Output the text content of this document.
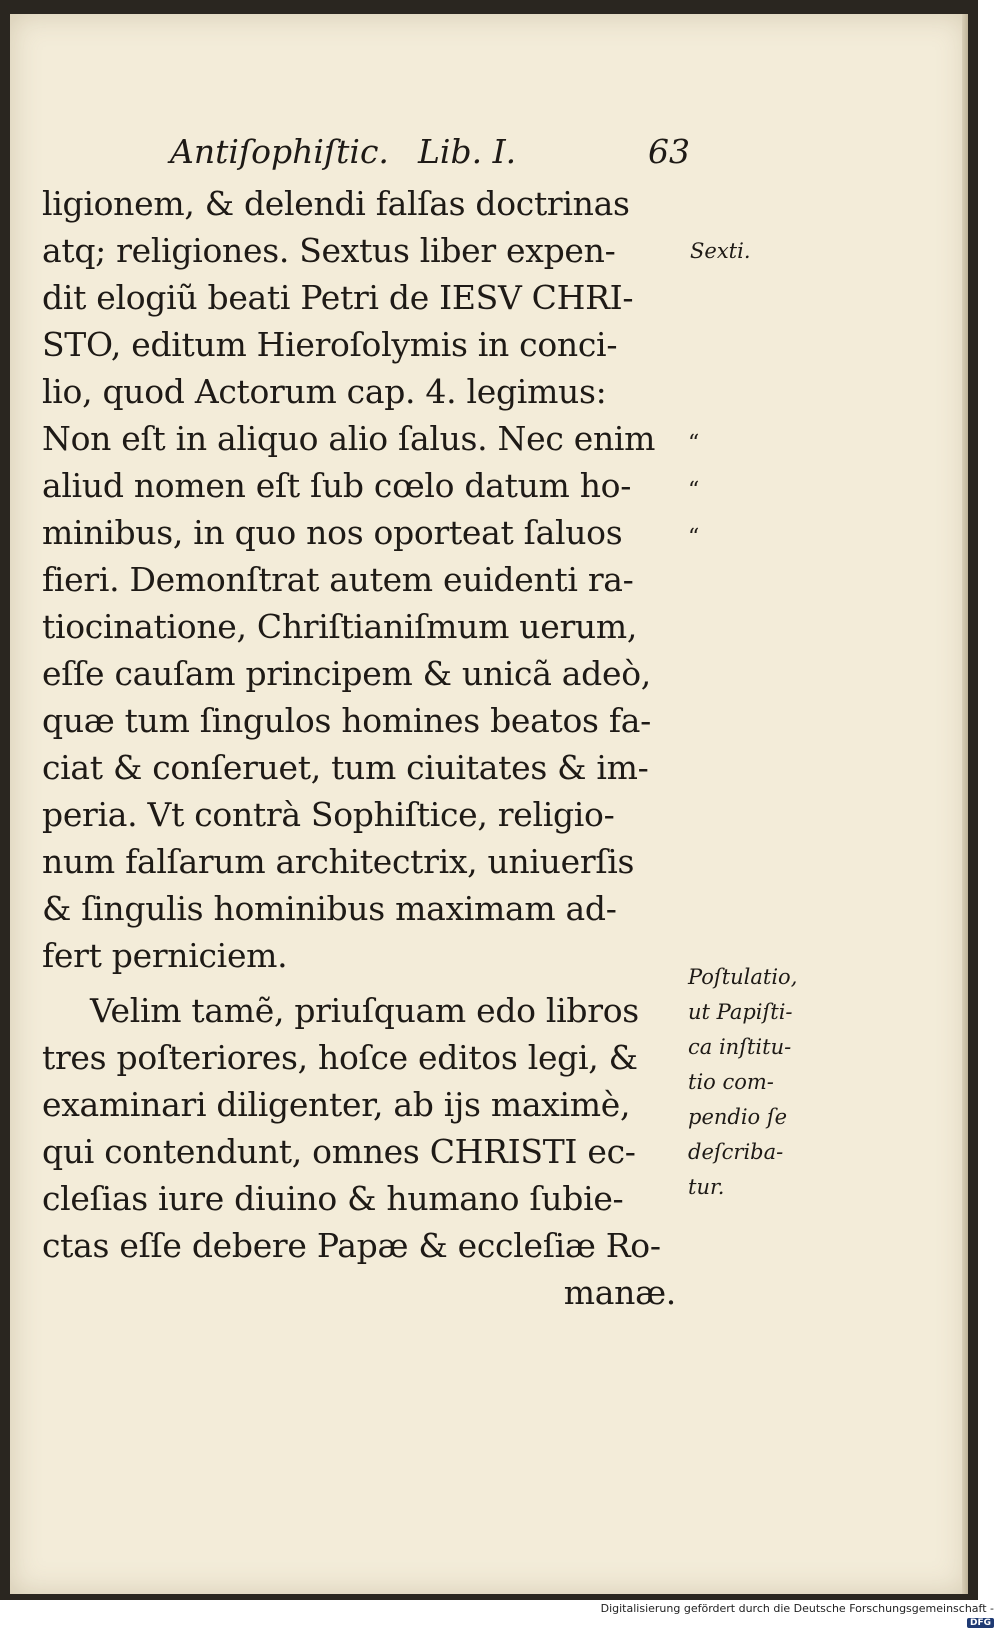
Antiſophiſtic. Lib. I.	63
ligionem, & delendi falſas doctrinas
atq; religiones. Sextus liber expen-
dit elogiũ beati Petri de IESV CHRI-
STO, editum Hieroſolymis in conci-
lio, quod Actorum cap. 4. legimus:
Non eſt in aliquo alio ſalus. Nec enim
aliud nomen eſt ſub cœlo datum ho-
minibus, in quo nos oporteat ſaluos
fieri. Demonſtrat autem euidenti ra-
tiocinatione, Chriſtianiſmum uerum,
eſſe cauſam principem & unicã adeò,
quæ tum ſingulos homines beatos fa-
ciat & conſeruet, tum ciuitates & im-
peria. Vt contrà Sophiſtice, religio-
num falſarum architectrix, uniuerſis
& ſingulis hominibus maximam ad-
fert perniciem.
Velim tamẽ, priuſquam edo libros
tres poſteriores, hoſce editos legi, &
examinari diligenter, ab ijs maximè,
qui contendunt, omnes CHRISTI ec-
cleſias iure diuino & humano ſubie-
ctas eſſe debere Papæ & eccleſiæ Ro-
manæ.
Sexti.
“
“
“
Poſtulatio,
ut Papiſti-
ca inſtitu-
tio com-
pendio ſe
deſcriba-
tur.
Digitalisierung gefördert durch die Deutsche Forschungsgemeinschaft -DFG
